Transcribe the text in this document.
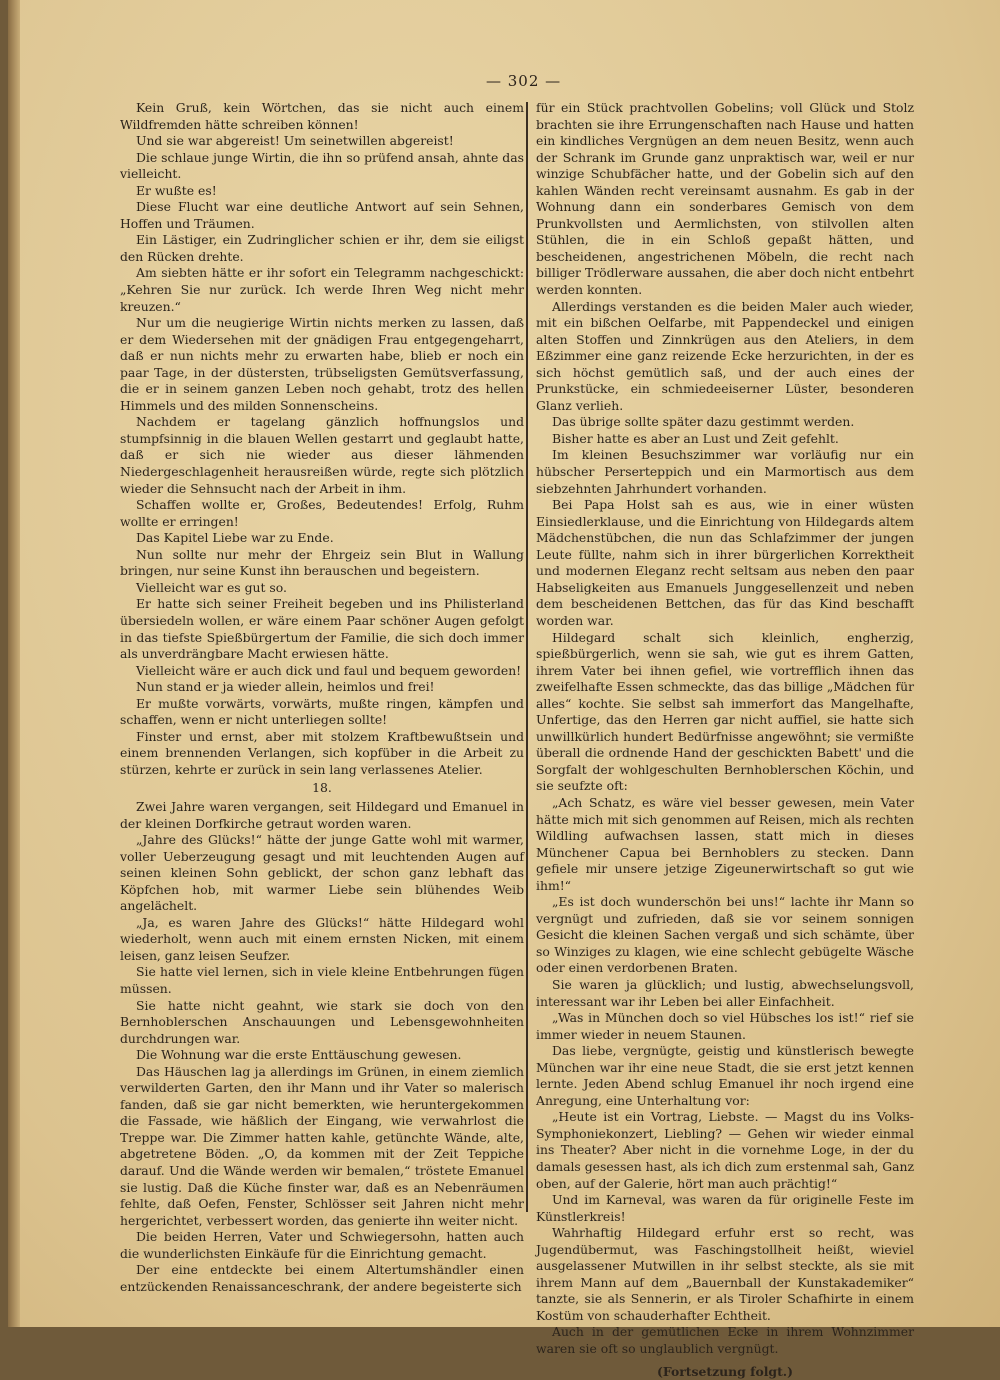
— 302 —

Kein Gruß, kein Wörtchen, das sie nicht auch einem Wildfremden hätte schreiben können!

Und sie war abgereist! Um seinetwillen abgereist!

Die schlaue junge Wirtin, die ihn so prüfend ansah, ahnte das vielleicht.

Er wußte es!

Diese Flucht war eine deutliche Antwort auf sein Sehnen, Hoffen und Träumen.

Ein Lästiger, ein Zudringlicher schien er ihr, dem sie eiligst den Rücken drehte.

Am siebten hätte er ihr sofort ein Telegramm nachgeschickt: „Kehren Sie nur zurück. Ich werde Ihren Weg nicht mehr kreuzen.“

Nur um die neugierige Wirtin nichts merken zu lassen, daß er dem Wiedersehen mit der gnädigen Frau entgegengeharrt, daß er nun nichts mehr zu erwarten habe, blieb er noch ein paar Tage, in der düstersten, trübseligsten Gemütsverfassung, die er in seinem ganzen Leben noch gehabt, trotz des hellen Himmels und des milden Sonnenscheins.

Nachdem er tagelang gänzlich hoffnungslos und stumpfsinnig in die blauen Wellen gestarrt und geglaubt hatte, daß er sich nie wieder aus dieser lähmenden Niedergeschlagenheit herausreißen würde, regte sich plötzlich wieder die Sehnsucht nach der Arbeit in ihm.

Schaffen wollte er, Großes, Bedeutendes! Erfolg, Ruhm wollte er erringen!

Das Kapitel Liebe war zu Ende.

Nun sollte nur mehr der Ehrgeiz sein Blut in Wallung bringen, nur seine Kunst ihn berauschen und begeistern.

Vielleicht war es gut so.

Er hatte sich seiner Freiheit begeben und ins Philisterland übersiedeln wollen, er wäre einem Paar schöner Augen gefolgt in das tiefste Spießbürgertum der Familie, die sich doch immer als unverdrängbare Macht erwiesen hätte.

Vielleicht wäre er auch dick und faul und bequem geworden!

Nun stand er ja wieder allein, heimlos und frei!

Er mußte vorwärts, vorwärts, mußte ringen, kämpfen und schaffen, wenn er nicht unterliegen sollte!

Finster und ernst, aber mit stolzem Kraftbewußtsein und einem brennenden Verlangen, sich kopfüber in die Arbeit zu stürzen, kehrte er zurück in sein lang verlassenes Atelier.

18.

Zwei Jahre waren vergangen, seit Hildegard und Emanuel in der kleinen Dorfkirche getraut worden waren.

„Jahre des Glücks!“ hätte der junge Gatte wohl mit warmer, voller Ueberzeugung gesagt und mit leuchtenden Augen auf seinen kleinen Sohn geblickt, der schon ganz lebhaft das Köpfchen hob, mit warmer Liebe sein blühendes Weib angelächelt.

„Ja, es waren Jahre des Glücks!“ hätte Hildegard wohl wiederholt, wenn auch mit einem ernsten Nicken, mit einem leisen, ganz leisen Seufzer.

Sie hatte viel lernen, sich in viele kleine Entbehrungen fügen müssen.

Sie hatte nicht geahnt, wie stark sie doch von den Bernhoblerschen Anschauungen und Lebensgewohnheiten durchdrungen war.

Die Wohnung war die erste Enttäuschung gewesen.

Das Häuschen lag ja allerdings im Grünen, in einem ziemlich verwilderten Garten, den ihr Mann und ihr Vater so malerisch fanden, daß sie gar nicht bemerkten, wie heruntergekommen die Fassade, wie häßlich der Eingang, wie verwahrlost die Treppe war. Die Zimmer hatten kahle, getünchte Wände, alte, abgetretene Böden. „O, da kommen mit der Zeit Teppiche darauf. Und die Wände werden wir bemalen,“ tröstete Emanuel sie lustig. Daß die Küche finster war, daß es an Nebenräumen fehlte, daß Oefen, Fenster, Schlösser seit Jahren nicht mehr hergerichtet, verbessert worden, das genierte ihn weiter nicht.

Die beiden Herren, Vater und Schwiegersohn, hatten auch die wunderlichsten Einkäufe für die Einrichtung gemacht.

Der eine entdeckte bei einem Altertumshändler einen entzückenden Renaissanceschrank, der andere begeisterte sich

für ein Stück prachtvollen Gobelins; voll Glück und Stolz brachten sie ihre Errungenschaften nach Hause und hatten ein kindliches Vergnügen an dem neuen Besitz, wenn auch der Schrank im Grunde ganz unpraktisch war, weil er nur winzige Schubfächer hatte, und der Gobelin sich auf den kahlen Wänden recht vereinsamt ausnahm. Es gab in der Wohnung dann ein sonderbares Gemisch von dem Prunkvollsten und Aermlichsten, von stilvollen alten Stühlen, die in ein Schloß gepaßt hätten, und bescheidenen, angestrichenen Möbeln, die recht nach billiger Trödlerware aussahen, die aber doch nicht entbehrt werden konnten.

Allerdings verstanden es die beiden Maler auch wieder, mit ein bißchen Oelfarbe, mit Pappendeckel und einigen alten Stoffen und Zinnkrügen aus den Ateliers, in dem Eßzimmer eine ganz reizende Ecke herzurichten, in der es sich höchst gemütlich saß, und der auch eines der Prunkstücke, ein schmiedeeiserner Lüster, besonderen Glanz verlieh.

Das übrige sollte später dazu gestimmt werden.

Bisher hatte es aber an Lust und Zeit gefehlt.

Im kleinen Besuchszimmer war vorläufig nur ein hübscher Perserteppich und ein Marmortisch aus dem siebzehnten Jahrhundert vorhanden.

Bei Papa Holst sah es aus, wie in einer wüsten Einsiedlerklause, und die Einrichtung von Hildegards altem Mädchenstübchen, die nun das Schlafzimmer der jungen Leute füllte, nahm sich in ihrer bürgerlichen Korrektheit und modernen Eleganz recht seltsam aus neben den paar Habseligkeiten aus Emanuels Junggesellenzeit und neben dem bescheidenen Bettchen, das für das Kind beschafft worden war.

Hildegard schalt sich kleinlich, engherzig, spießbürgerlich, wenn sie sah, wie gut es ihrem Gatten, ihrem Vater bei ihnen gefiel, wie vortrefflich ihnen das zweifelhafte Essen schmeckte, das das billige „Mädchen für alles“ kochte. Sie selbst sah immerfort das Mangelhafte, Unfertige, das den Herren gar nicht auffiel, sie hatte sich unwillkürlich hundert Bedürfnisse angewöhnt; sie vermißte überall die ordnende Hand der geschickten Babett' und die Sorgfalt der wohlgeschulten Bernhoblerschen Köchin, und sie seufzte oft:

„Ach Schatz, es wäre viel besser gewesen, mein Vater hätte mich mit sich genommen auf Reisen, mich als rechten Wildling aufwachsen lassen, statt mich in dieses Münchener Capua bei Bernhoblers zu stecken. Dann gefiele mir unsere jetzige Zigeunerwirtschaft so gut wie ihm!“

„Es ist doch wunderschön bei uns!“ lachte ihr Mann so vergnügt und zufrieden, daß sie vor seinem sonnigen Gesicht die kleinen Sachen vergaß und sich schämte, über so Winziges zu klagen, wie eine schlecht gebügelte Wäsche oder einen verdorbenen Braten.

Sie waren ja glücklich; und lustig, abwechselungsvoll, interessant war ihr Leben bei aller Einfachheit.

„Was in München doch so viel Hübsches los ist!“ rief sie immer wieder in neuem Staunen.

Das liebe, vergnügte, geistig und künstlerisch bewegte München war ihr eine neue Stadt, die sie erst jetzt kennen lernte. Jeden Abend schlug Emanuel ihr noch irgend eine Anregung, eine Unterhaltung vor:

„Heute ist ein Vortrag, Liebste. — Magst du ins Volks-Symphoniekonzert, Liebling? — Gehen wir wieder einmal ins Theater? Aber nicht in die vornehme Loge, in der du damals gesessen hast, als ich dich zum erstenmal sah, Ganz oben, auf der Galerie, hört man auch prächtig!“

Und im Karneval, was waren da für originelle Feste im Künstlerkreis!

Wahrhaftig Hildegard erfuhr erst so recht, was Jugendübermut, was Faschingstollheit heißt, wieviel ausgelassener Mutwillen in ihr selbst steckte, als sie mit ihrem Mann auf dem „Bauernball der Kunstakademiker“ tanzte, sie als Sennerin, er als Tiroler Schafhirte in einem Kostüm von schauderhafter Echtheit.

Auch in der gemütlichen Ecke in ihrem Wohnzimmer waren sie oft so unglaublich vergnügt.

(Fortsetzung folgt.)
